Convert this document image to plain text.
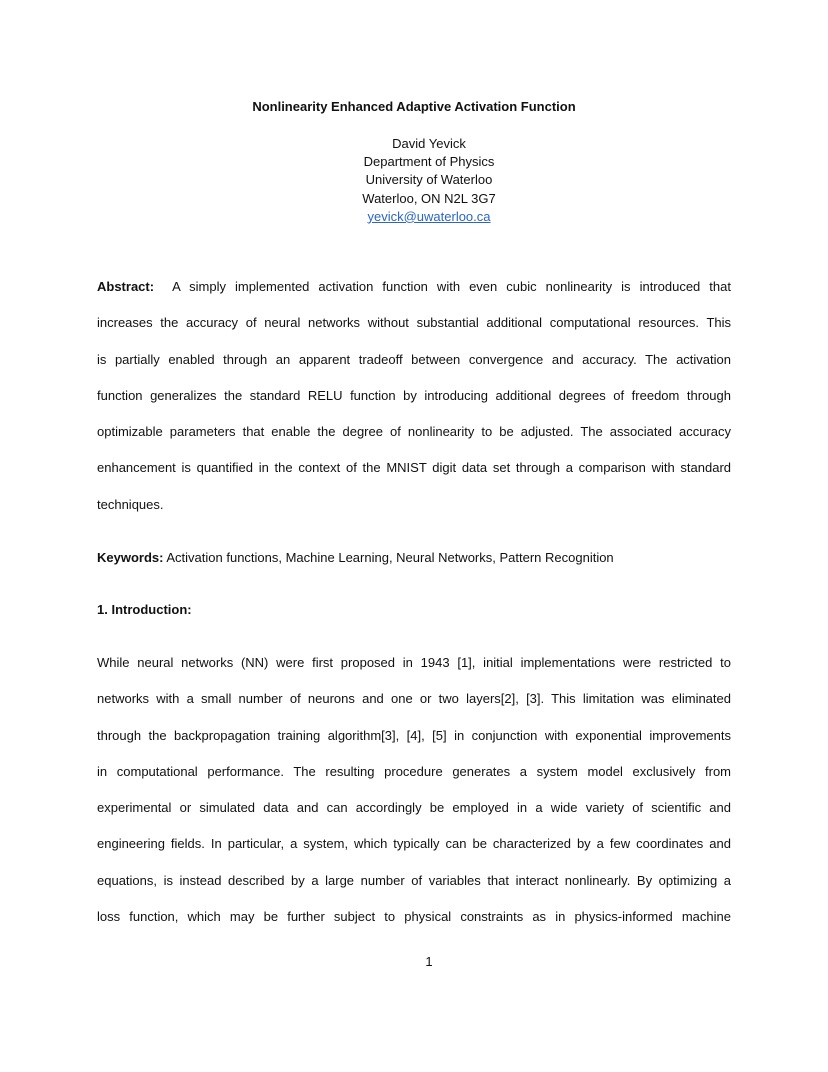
Nonlinearity Enhanced Adaptive Activation Function
David Yevick
Department of Physics
University of Waterloo
Waterloo, ON N2L 3G7
yevick@uwaterloo.ca
Abstract: A simply implemented activation function with even cubic nonlinearity is introduced that
increases the accuracy of neural networks without substantial additional computational resources. This
is partially enabled through an apparent tradeoff between convergence and accuracy. The activation
function generalizes the standard RELU function by introducing additional degrees of freedom through
optimizable parameters that enable the degree of nonlinearity to be adjusted. The associated accuracy
enhancement is quantified in the context of the MNIST digit data set through a comparison with standard
techniques.
Keywords: Activation functions, Machine Learning, Neural Networks, Pattern Recognition
1. Introduction:
While neural networks (NN) were first proposed in 1943 [1], initial implementations were restricted to
networks with a small number of neurons and one or two layers[2], [3]. This limitation was eliminated
through the backpropagation training algorithm[3], [4], [5] in conjunction with exponential improvements
in computational performance. The resulting procedure generates a system model exclusively from
experimental or simulated data and can accordingly be employed in a wide variety of scientific and
engineering fields. In particular, a system, which typically can be characterized by a few coordinates and
equations, is instead described by a large number of variables that interact nonlinearly. By optimizing a
loss function, which may be further subject to physical constraints as in physics-informed machine
1
